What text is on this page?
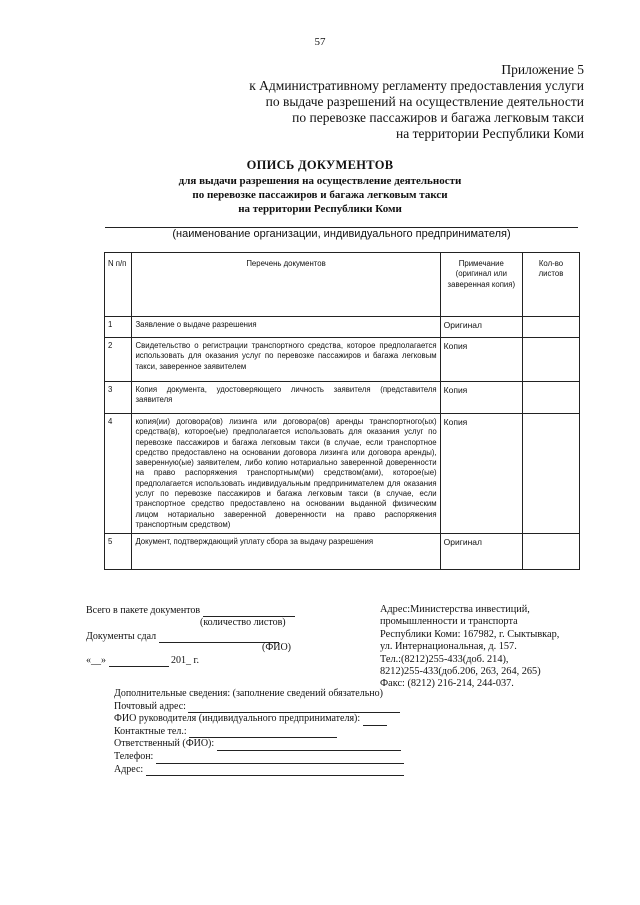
57
Приложение 5
к Административному регламенту предоставления услуги
по выдаче разрешений на осуществление деятельности
по перевозке пассажиров и багажа легковым такси
на территории Республики Коми
ОПИСЬ ДОКУМЕНТОВ
для выдачи разрешения на осуществление деятельности
по перевозке пассажиров и багажа легковым такси
на территории Республики Коми
(наименование организации, индивидуального предпринимателя)
N п/п	Перечень документов	Примечание (оригинал или заверенная копия)	Кол-во листов
1	Заявление о выдаче разрешения	Оригинал	
2	Свидетельство о регистрации транспортного средства, которое предполагается использовать для оказания услуг по перевозке пассажиров и багажа легковым такси, заверенное заявителем	Копия	
3	Копия документа, удостоверяющего личность заявителя (представителя заявителя	Копия	
4	копия(ии) договора(ов) лизинга или договора(ов) аренды транспортного(ых) средства(в), которое(ые) предполагается использовать для оказания услуг по перевозке пассажиров и багажа легковым такси (в случае, если транспортное средство предоставлено на основании договора лизинга или договора аренды), заверенную(ые) заявителем, либо копию нотариально заверенной доверенности на право распоряжения транспортным(ми) средством(ами), которое(ые) предполагается использовать индивидуальным предпринимателем для оказания услуг по перевозке пассажиров и багажа легковым такси (в случае, если транспортное средство предоставлено на основании выданной физическим лицом нотариально заверенной доверенности на право распоряжения транспортным средством)	Копия	
5	Документ, подтверждающий уплату сбора за выдачу разрешения	Оригинал	
Всего в пакете документов
(количество листов)
Документы сдал
(ФИО)
«__»	201_ г.
Адрес:Министерства инвестиций,
промышленности и транспорта
Республики Коми: 167982, г. Сыктывкар,
ул. Интернациональная, д. 157.
Тел.:(8212)255-433(доб. 214),
8212)255-433(доб.206, 263, 264, 265)
Факс: (8212) 216-214, 244-037.
Дополнительные сведения: (заполнение сведений обязательно)
Почтовый адрес:
ФИО руководителя (индивидуального предпринимателя):
Контактные тел.:
Ответственный (ФИО):
Телефон:
Адрес:
